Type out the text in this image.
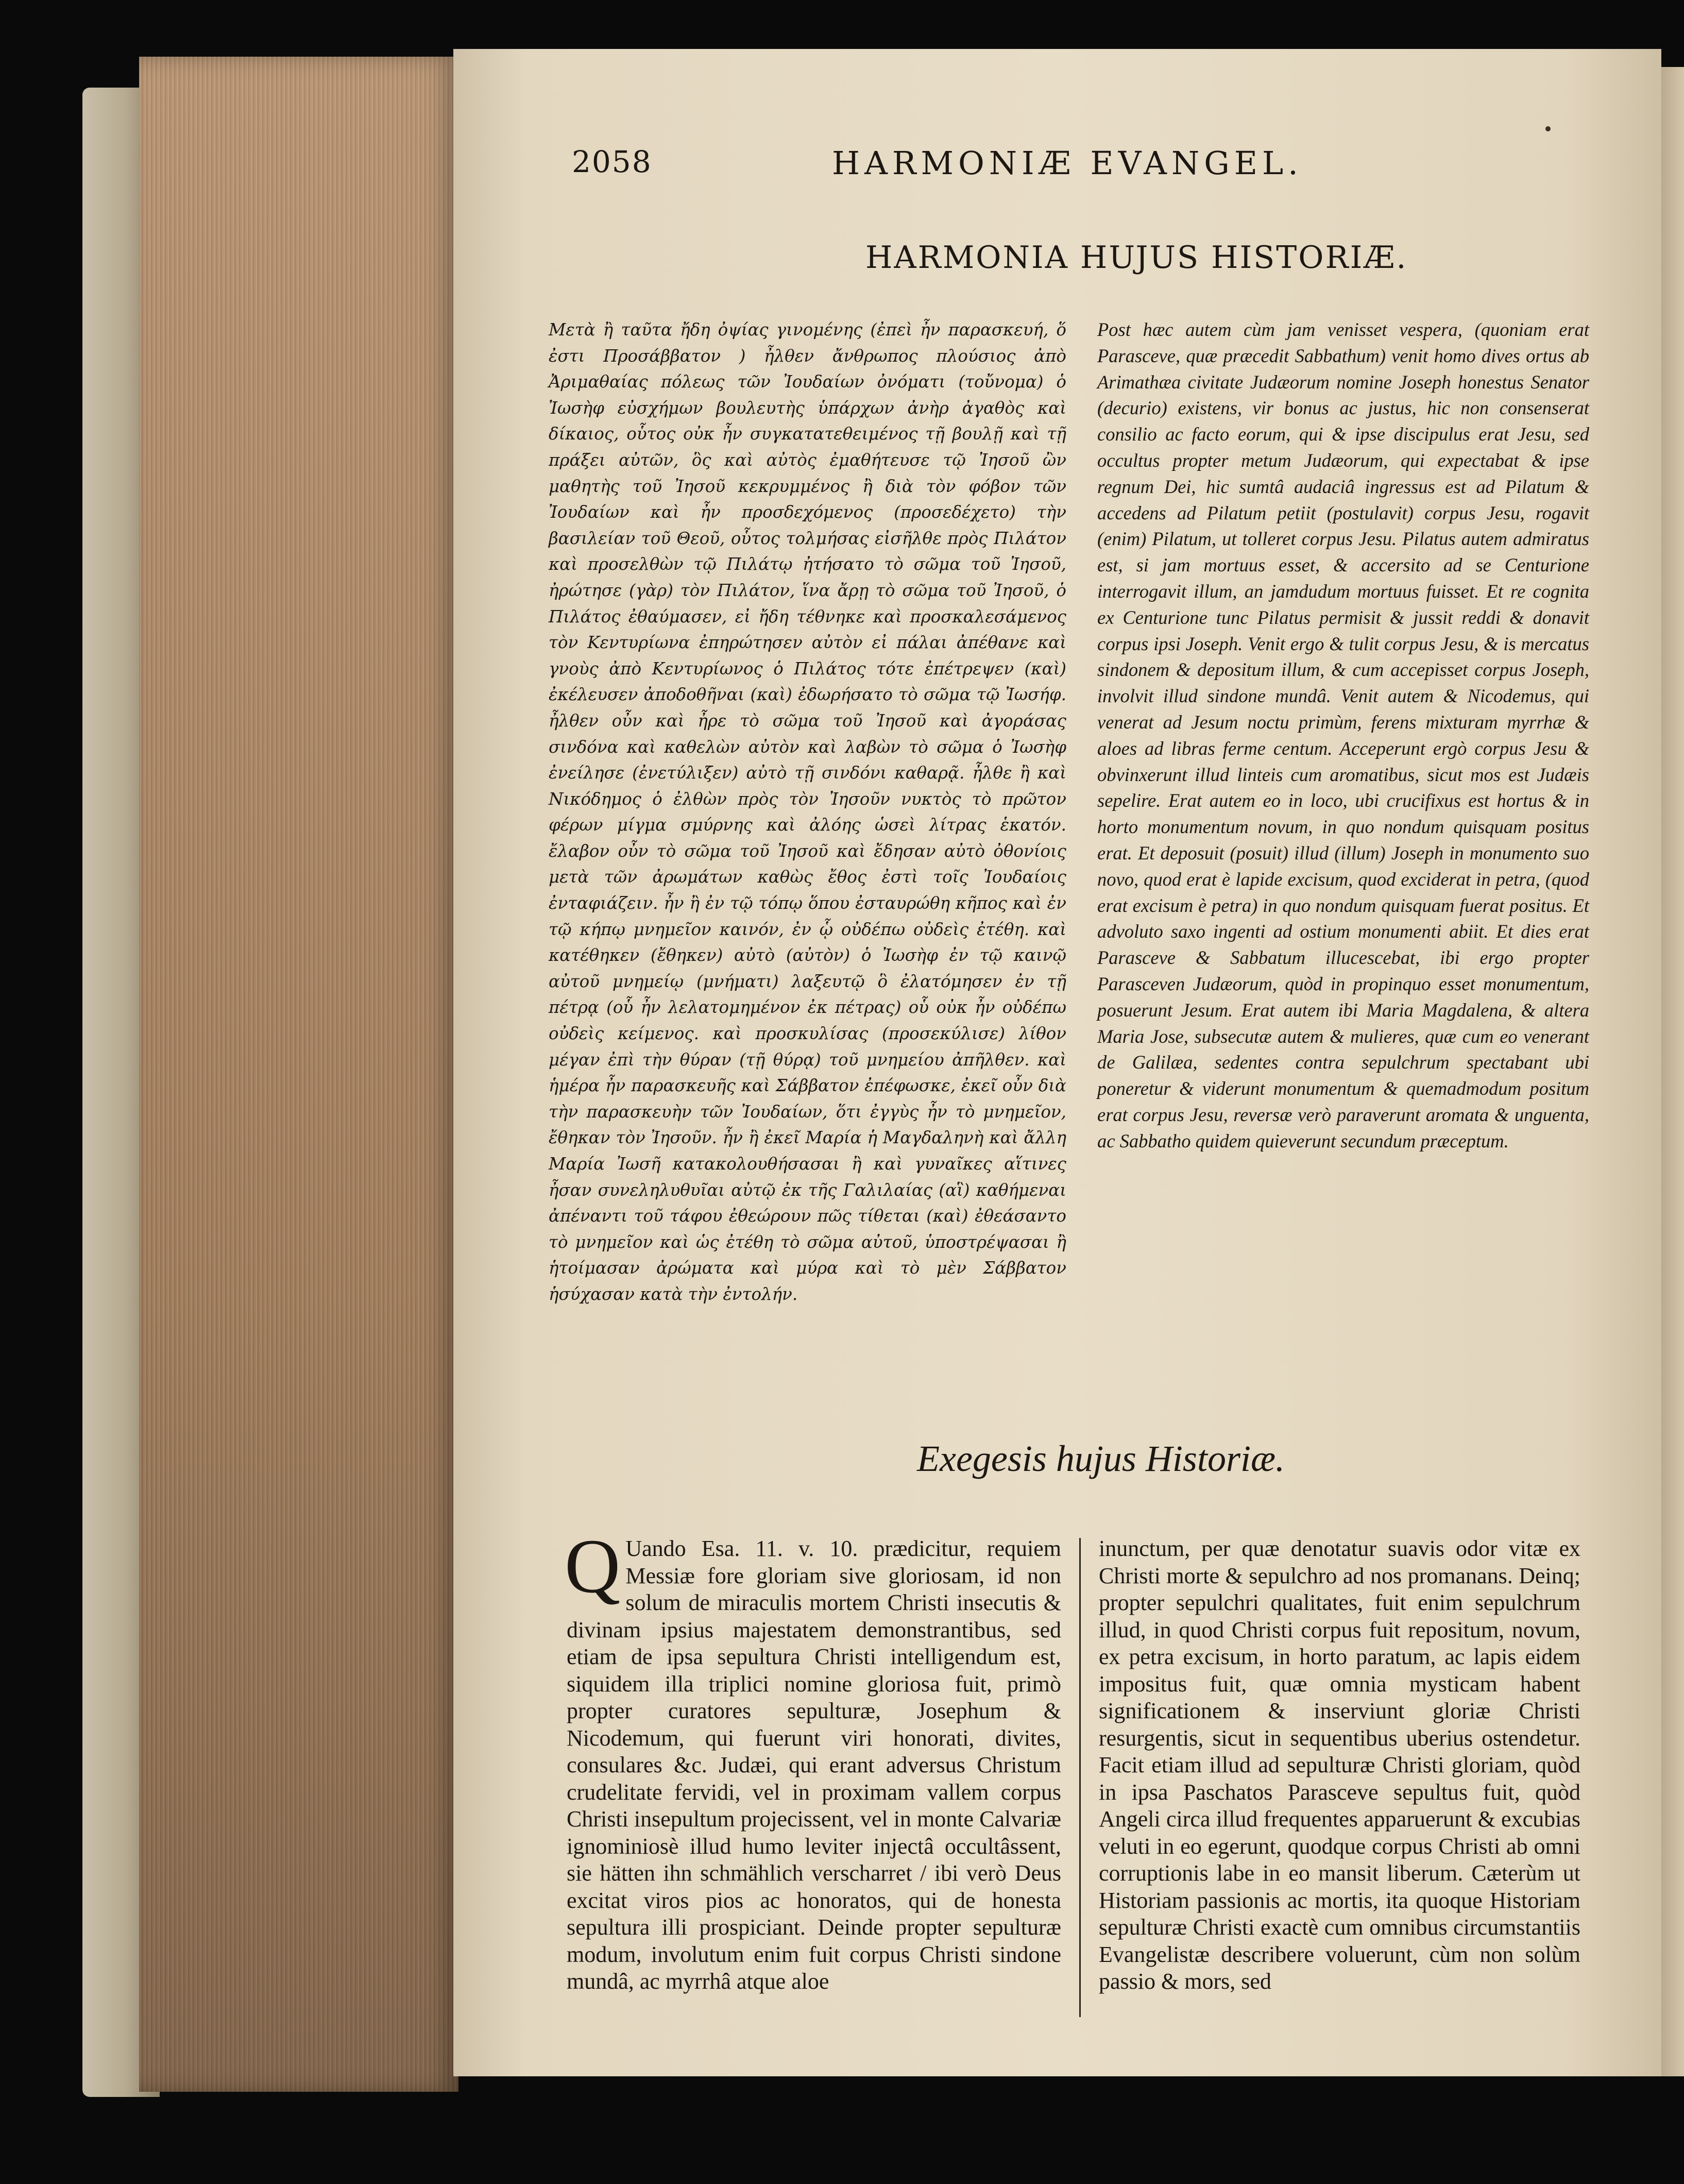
2058	HARMONIÆ EVANGEL.
HARMONIA HUJUS HISTORIÆ.
Μετὰ ἢ ταῦτα ἤδη ὀψίας γινομένης (ἐπεὶ ἦν παρασκευή, ὅ ἐστι Προσάββατον ) ἦλθεν ἄνθρωπος πλούσιος ἀπὸ Ἀριμαθαίας πόλεως τῶν Ἰουδαίων ὀνόματι (τοὔνομα) ὁ Ἰωσὴφ εὐσχήμων βουλευτὴς ὑπάρχων ἀνὴρ ἀγαθὸς καὶ δίκαιος, οὗτος οὐκ ἦν συγκατατεθειμένος τῇ βουλῇ καὶ τῇ πράξει αὐτῶν, ὃς καὶ αὐτὸς ἐμαθήτευσε τῷ Ἰησοῦ ὢν μαθητὴς τοῦ Ἰησοῦ κεκρυμμένος ἢ διὰ τὸν φόβον τῶν Ἰουδαίων καὶ ἦν προσδεχόμενος (προσεδέχετο) τὴν βασιλείαν τοῦ Θεοῦ, οὗτος τολμήσας εἰσῆλθε πρὸς Πιλάτον καὶ προσελθὼν τῷ Πιλάτῳ ἠτήσατο τὸ σῶμα τοῦ Ἰησοῦ, ἠρώτησε (γὰρ) τὸν Πιλάτον, ἵνα ἄρῃ τὸ σῶμα τοῦ Ἰησοῦ, ὁ Πιλάτος ἐθαύμασεν, εἰ ἤδη τέθνηκε καὶ προσκαλεσάμενος τὸν Κεντυρίωνα ἐπηρώτησεν αὐτὸν εἰ πάλαι ἀπέθανε καὶ γνοὺς ἀπὸ Κεντυρίωνος ὁ Πιλάτος τότε ἐπέτρεψεν (καὶ) ἐκέλευσεν ἀποδοθῆναι (καὶ) ἐδωρήσατο τὸ σῶμα τῷ Ἰωσήφ. ἦλθεν οὖν καὶ ἦρε τὸ σῶμα τοῦ Ἰησοῦ καὶ ἀγοράσας σινδόνα καὶ καθελὼν αὐτὸν καὶ λαβὼν τὸ σῶμα ὁ Ἰωσὴφ ἐνείλησε (ἐνετύλιξεν) αὐτὸ τῇ σινδόνι καθαρᾷ. ἦλθε ἢ καὶ Νικόδημος ὁ ἐλθὼν πρὸς τὸν Ἰησοῦν νυκτὸς τὸ πρῶτον φέρων μίγμα σμύρνης καὶ ἀλόης ὡσεὶ λίτρας ἑκατόν. ἔλαβον οὖν τὸ σῶμα τοῦ Ἰησοῦ καὶ ἔδησαν αὐτὸ ὀθονίοις μετὰ τῶν ἀρωμάτων καθὼς ἔθος ἐστὶ τοῖς Ἰουδαίοις ἐνταφιάζειν. ἦν ἢ ἐν τῷ τόπῳ ὅπου ἐσταυρώθη κῆπος καὶ ἐν τῷ κήπῳ μνημεῖον καινόν, ἐν ᾧ οὐδέπω οὐδεὶς ἐτέθη. καὶ κατέθηκεν (ἔθηκεν) αὐτὸ (αὐτὸν) ὁ Ἰωσὴφ ἐν τῷ καινῷ αὐτοῦ μνημείῳ (μνήματι) λαξευτῷ ὃ ἐλατόμησεν ἐν τῇ πέτρᾳ (οὗ ἦν λελατομημένον ἐκ πέτρας) οὗ οὐκ ἦν οὐδέπω οὐδεὶς κείμενος. καὶ προσκυλίσας (προσεκύλισε) λίθον μέγαν ἐπὶ τὴν θύραν (τῇ θύρᾳ) τοῦ μνημείου ἀπῆλθεν. καὶ ἡμέρα ἦν παρασκευῆς καὶ Σάββατον ἐπέφωσκε, ἐκεῖ οὖν διὰ τὴν παρασκευὴν τῶν Ἰουδαίων, ὅτι ἐγγὺς ἦν τὸ μνημεῖον, ἔθηκαν τὸν Ἰησοῦν. ἦν ἢ ἐκεῖ Μαρία ἡ Μαγδαληνὴ καὶ ἄλλη Μαρία Ἰωσῆ κατακολουθήσασαι ἢ καὶ γυναῖκες αἵτινες ἦσαν συνεληλυθυῖαι αὐτῷ ἐκ τῆς Γαλιλαίας (αἳ) καθήμεναι ἀπέναντι τοῦ τάφου ἐθεώρουν πῶς τίθεται (καὶ) ἐθεάσαντο τὸ μνημεῖον καὶ ὡς ἐτέθη τὸ σῶμα αὐτοῦ, ὑποστρέψασαι ἢ ἡτοίμασαν ἀρώματα καὶ μύρα καὶ τὸ μὲν Σάββατον ἡσύχασαν κατὰ τὴν ἐντολήν.
Post hæc autem cùm jam venisset vespera, (quoniam erat Parasceve, quæ præcedit Sabbathum) venit homo dives ortus ab Arimathæa civitate Judæorum nomine Joseph honestus Senator (decurio) existens, vir bonus ac justus, hic non consenserat consilio ac facto eorum, qui & ipse discipulus erat Jesu, sed occultus propter metum Judæorum, qui expectabat & ipse regnum Dei, hic sumtâ audaciâ ingressus est ad Pilatum & accedens ad Pilatum petiit (postulavit) corpus Jesu, rogavit (enim) Pilatum, ut tolleret corpus Jesu. Pilatus autem admiratus est, si jam mortuus esset, & accersito ad se Centurione interrogavit illum, an jamdudum mortuus fuisset. Et re cognita ex Centurione tunc Pilatus permisit & jussit reddi & donavit corpus ipsi Joseph. Venit ergo & tulit corpus Jesu, & is mercatus sindonem & depositum illum, & cum accepisset corpus Joseph, involvit illud sindone mundâ. Venit autem & Nicodemus, qui venerat ad Jesum noctu primùm, ferens mixturam myrrhæ & aloes ad libras ferme centum. Acceperunt ergò corpus Jesu & obvinxerunt illud linteis cum aromatibus, sicut mos est Judæis sepelire. Erat autem eo in loco, ubi crucifixus est hortus & in horto monumentum novum, in quo nondum quisquam positus erat. Et deposuit (posuit) illud (illum) Joseph in monumento suo novo, quod erat è lapide excisum, quod exciderat in petra, (quod erat excisum è petra) in quo nondum quisquam fuerat positus. Et advoluto saxo ingenti ad ostium monumenti abiit. Et dies erat Parasceve & Sabbatum illucescebat, ibi ergo propter Parasceven Judæorum, quòd in propinquo esset monumentum, posuerunt Jesum. Erat autem ibi Maria Magdalena, & altera Maria Jose, subsecutæ autem & mulieres, quæ cum eo venerant de Galilæa, sedentes contra sepulchrum spectabant ubi poneretur & viderunt monumentum & quemadmodum positum erat corpus Jesu, reversæ verò paraverunt aromata & unguenta, ac Sabbatho quidem quieverunt secundum præceptum.
Exegesis hujus Historiæ.
Q Uando Esa. 11. v. 10. prædicitur, requiem Messiæ fore gloriam sive gloriosam, id non solum de miraculis mortem Christi insecutis & divinam ipsius majestatem demonstrantibus, sed etiam de ipsa sepultura Christi intelligendum est, siquidem illa triplici nomine gloriosa fuit, primò propter curatores sepulturæ, Josephum & Nicodemum, qui fuerunt viri honorati, divites, consulares &c. Judæi, qui erant adversus Christum crudelitate fervidi, vel in proximam vallem corpus Christi insepultum projecissent, vel in monte Calvariæ ignominiosè illud humo leviter injectâ occultâssent, sie hätten ihn schmählich verscharret / ibi verò Deus excitat viros pios ac honoratos, qui de honesta sepultura illi prospiciant. Deinde propter sepulturæ modum, involutum enim fuit corpus Christi sindone mundâ, ac myrrhâ atque aloe
inunctum, per quæ denotatur suavis odor vitæ ex Christi morte & sepulchro ad nos promanans. Deinq; propter sepulchri qualitates, fuit enim sepulchrum illud, in quod Christi corpus fuit repositum, novum, ex petra excisum, in horto paratum, ac lapis eidem impositus fuit, quæ omnia mysticam habent significationem & inserviunt gloriæ Christi resurgentis, sicut in sequentibus uberius ostendetur. Facit etiam illud ad sepulturæ Christi gloriam, quòd in ipsa Paschatos Parasceve sepultus fuit, quòd Angeli circa illud frequentes apparuerunt & excubias veluti in eo egerunt, quodque corpus Christi ab omni corruptionis labe in eo mansit liberum. Cæterùm ut Historiam passionis ac mortis, ita quoque Historiam sepulturæ Christi exactè cum omnibus circumstantiis Evangelistæ describere voluerunt, cùm non solùm passio & mors, sed
